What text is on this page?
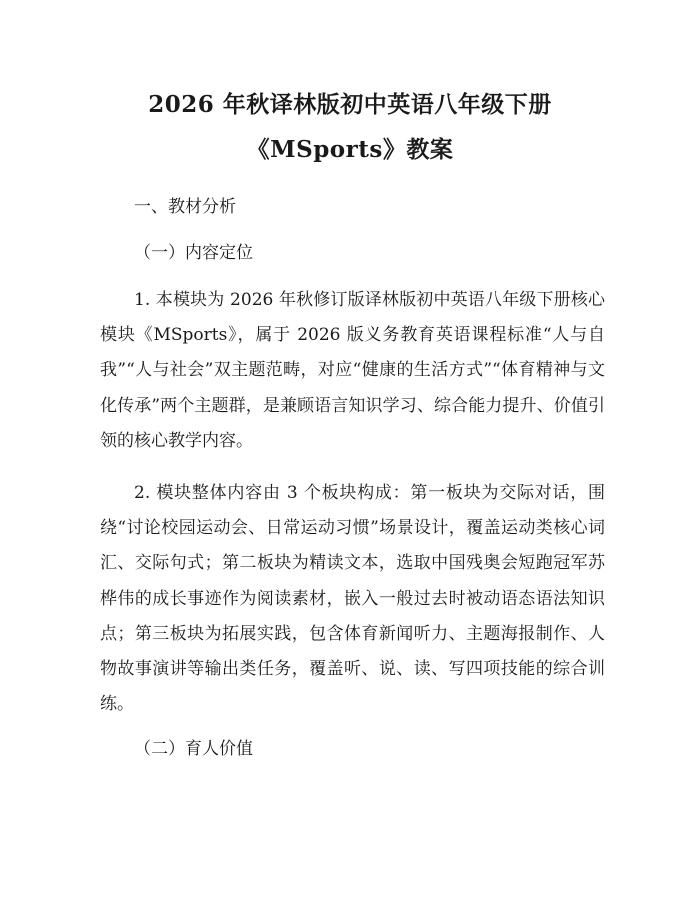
2026 年秋译林版初中英语八年级下册
《MSports》教案
一、教材分析
（一）内容定位
1. 本模块为 2026 年秋修订版译林版初中英语八年级下册核心模块《MSports》，属于 2026 版义务教育英语课程标准“人与自我”“人与社会”双主题范畴，对应“健康的生活方式”“体育精神与文化传承”两个主题群，是兼顾语言知识学习、综合能力提升、价值引领的核心教学内容。
2. 模块整体内容由 3 个板块构成：第一板块为交际对话，围绕“讨论校园运动会、日常运动习惯”场景设计，覆盖运动类核心词汇、交际句式；第二板块为精读文本，选取中国残奥会短跑冠军苏桦伟的成长事迹作为阅读素材，嵌入一般过去时被动语态语法知识点；第三板块为拓展实践，包含体育新闻听力、主题海报制作、人物故事演讲等输出类任务，覆盖听、说、读、写四项技能的综合训练。
（二）育人价值
